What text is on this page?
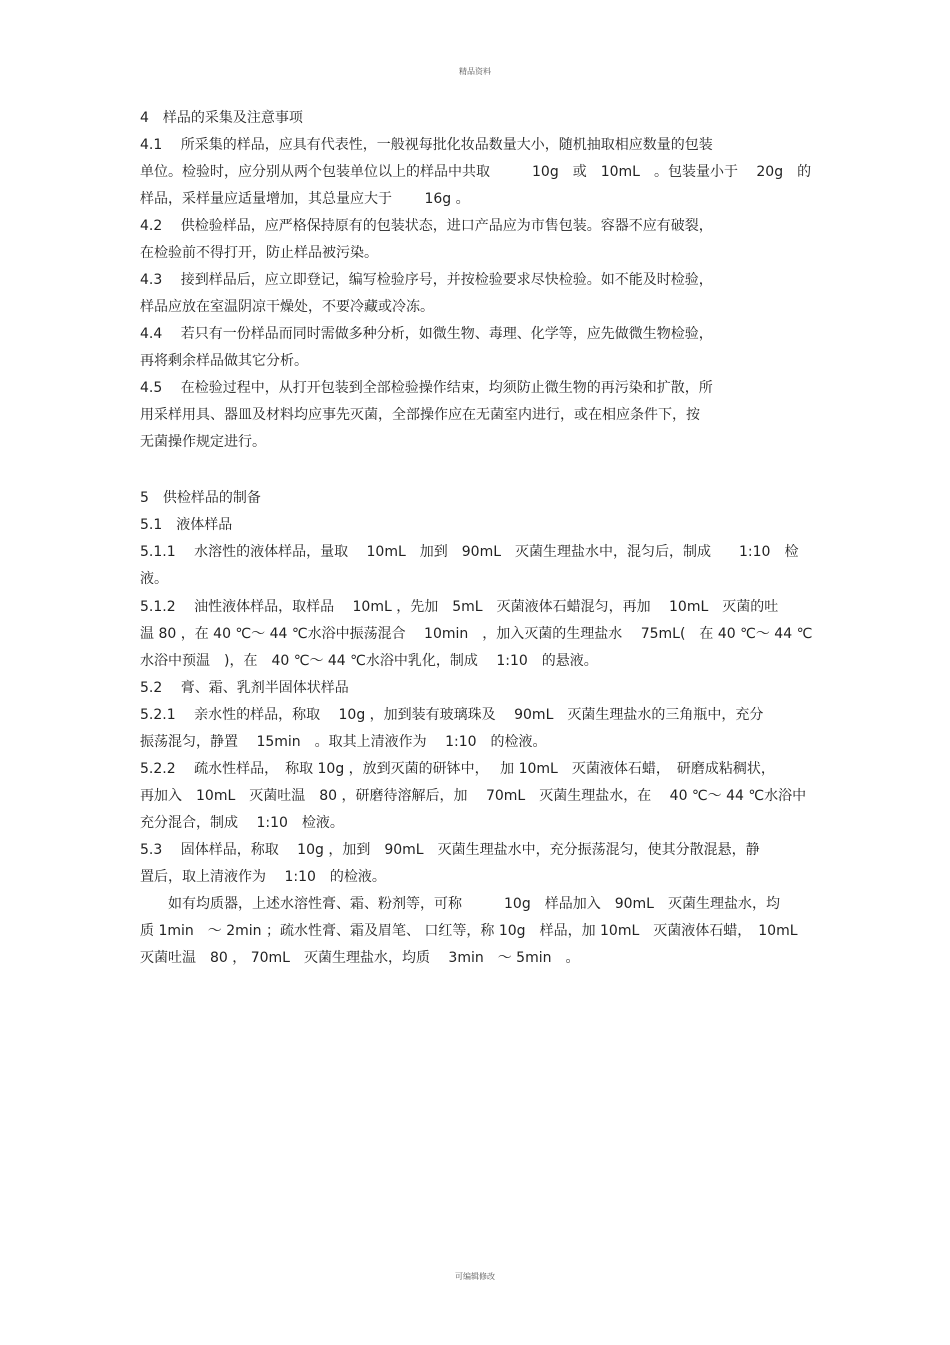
精品资料
4　样品的采集及注意事项
4.1　 所采集的样品，应具有代表性，一般视每批化妆品数量大小，随机抽取相应数量的包装
单位。检验时，应分别从两个包装单位以上的样品中共取　　　10g　或　10mL　。包装量小于　 20g　的
样品，采样量应适量增加，其总量应大于　　 16g 。
4.2　 供检验样品，应严格保持原有的包装状态，进口产品应为市售包装。容器不应有破裂，
在检验前不得打开，防止样品被污染。
4.3　 接到样品后，应立即登记，编写检验序号，并按检验要求尽快检验。如不能及时检验，
样品应放在室温阴凉干燥处，不要冷藏或冷冻。
4.4　 若只有一份样品而同时需做多种分析，如微生物、毒理、化学等，应先做微生物检验，
再将剩余样品做其它分析。
4.5　 在检验过程中，从打开包装到全部检验操作结束，均须防止微生物的再污染和扩散，所
用采样用具、器皿及材料均应事先灭菌，全部操作应在无菌室内进行，或在相应条件下，按
无菌操作规定进行。
5　供检样品的制备
5.1　液体样品
5.1.1　 水溶性的液体样品，量取　 10mL　加到　90mL　灭菌生理盐水中，混匀后，制成　　1:10　检
液。
5.1.2　 油性液体样品，取样品　 10mL ，先加　5mL　灭菌液体石蜡混匀，再加　 10mL　灭菌的吐
温 80 ，在 40 ℃～ 44 ℃水浴中振荡混合　 10min　，加入灭菌的生理盐水　 75mL(　在 40 ℃～ 44 ℃
水浴中预温　)，在　40 ℃～ 44 ℃水浴中乳化，制成　 1:10　的悬液。
5.2　 膏、霜、乳剂半固体状样品
5.2.1　 亲水性的样品，称取　 10g ，加到装有玻璃珠及　 90mL　灭菌生理盐水的三角瓶中，充分
振荡混匀，静置　 15min　。取其上清液作为　 1:10　的检液。
5.2.2　 疏水性样品，　称取 10g ，放到灭菌的研钵中，　 加 10mL　灭菌液体石蜡，　研磨成粘稠状，
再加入　10mL　灭菌吐温　80 ，研磨待溶解后，加　 70mL　灭菌生理盐水，在　 40 ℃～ 44 ℃水浴中
充分混合，制成　 1:10　检液。
5.3　 固体样品，称取　 10g ，加到　90mL　灭菌生理盐水中，充分振荡混匀，使其分散混悬，静
置后，取上清液作为　 1:10　的检液。
　　如有均质器，上述水溶性膏、霜、粉剂等，可称　　　10g　样品加入　90mL　灭菌生理盐水，均
质 1min　～ 2min ；疏水性膏、霜及眉笔、 口红等，称 10g　样品，加 10mL　灭菌液体石蜡，　10mL
灭菌吐温　80 ， 70mL　灭菌生理盐水，均质　 3min　～ 5min　。
可编辑修改
